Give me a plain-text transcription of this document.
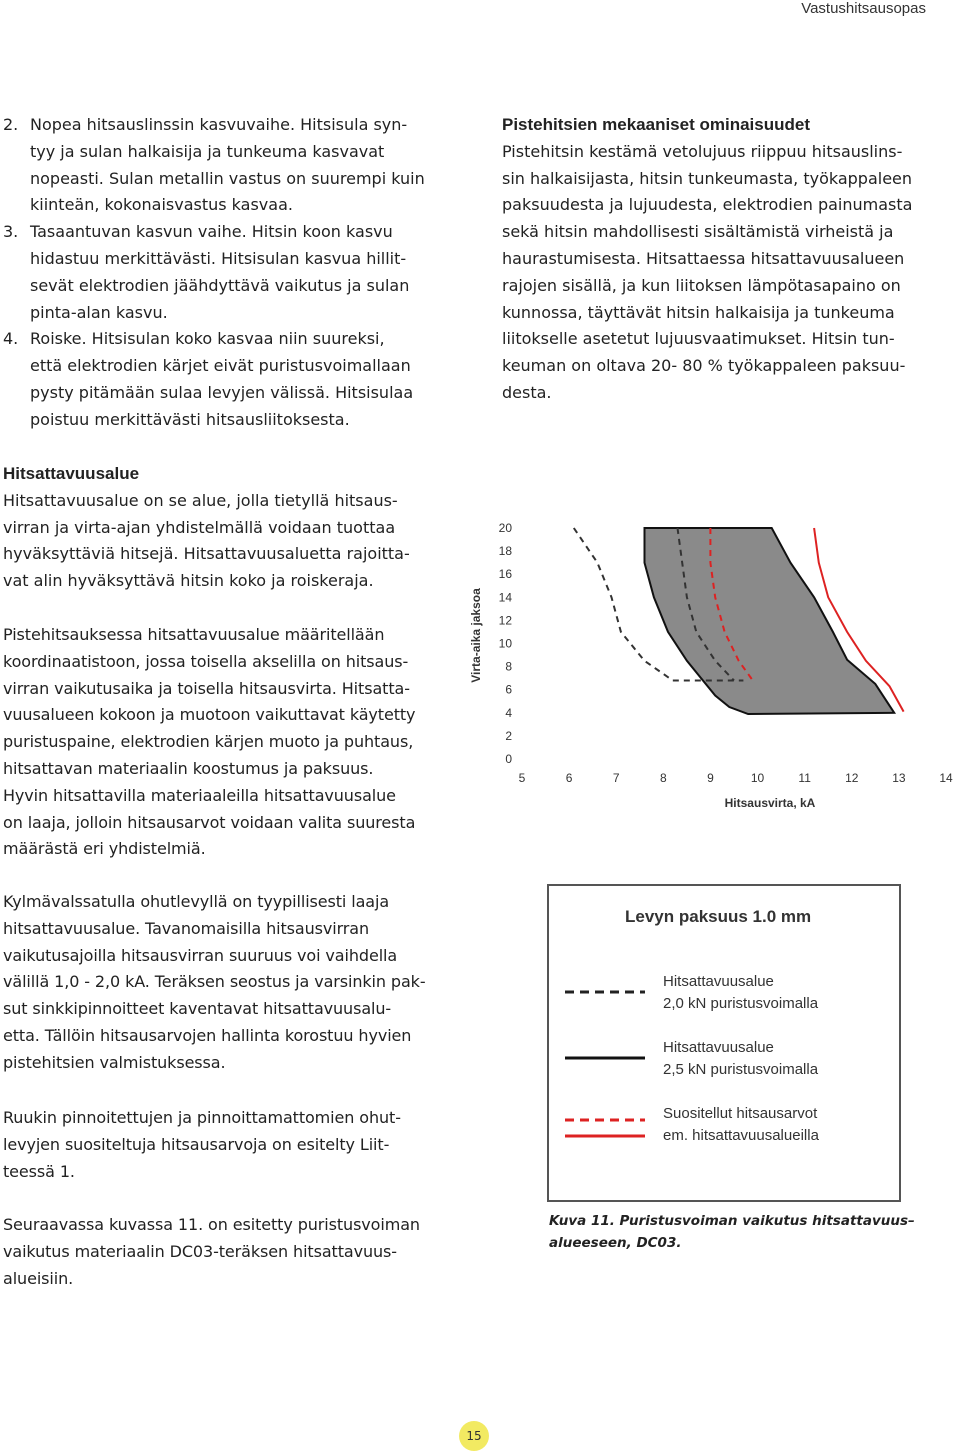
Vastushitsausopas
2. Nopea hitsauslinssin kasvuvaihe. Hitsisula syn-
tyy ja sulan halkaisija ja tunkeuma kasvavat
nopeasti. Sulan metallin vastus on suurempi kuin
kiinteän, kokonaisvastus kasvaa.
3. Tasaantuvan kasvun vaihe. Hitsin koon kasvu
hidastuu merkittävästi. Hitsisulan kasvua hillit-
sevät elektrodien jäähdyttävä vaikutus ja sulan
pinta-alan kasvu.
4. Roiske. Hitsisulan koko kasvaa niin suureksi,
että elektrodien kärjet eivät puristusvoimallaan
pysty pitämään sulaa levyjen välissä. Hitsisulaa
poistuu merkittävästi hitsausliitoksesta.
Pistehitsien mekaaniset ominaisuudet
Pistehitsin kestämä vetolujuus riippuu hitsauslins-
sin halkaisijasta, hitsin tunkeumasta, työkappaleen
paksuudesta ja lujuudesta, elektrodien painumasta
sekä hitsin mahdollisesti sisältämistä virheistä ja
haurastumisesta. Hitsattaessa hitsattavuusalueen
rajojen sisällä, ja kun liitoksen lämpötasapaino on
kunnossa, täyttävät hitsin halkaisija ja tunkeuma
liitokselle asetetut lujuusvaatimukset. Hitsin tun-
keuman on oltava 20- 80 % työkappaleen paksuu-
desta.
Hitsattavuusalue
Hitsattavuusalue on se alue, jolla tietyllä hitsaus-
virran ja virta-ajan yhdistelmällä voidaan tuottaa
hyväksyttäviä hitsejä. Hitsattavuusaluetta rajoitta-
vat alin hyväksyttävä hitsin koko ja roiskeraja.
Pistehitsauksessa hitsattavuusalue määritellään
koordinaatistoon, jossa toisella akselilla on hitsaus-
virran vaikutusaika ja toisella hitsausvirta. Hitsatta-
vuusalueen kokoon ja muotoon vaikuttavat käytetty
puristuspaine, elektrodien kärjen muoto ja puhtaus,
hitsattavan materiaalin koostumus ja paksuus.
Hyvin hitsattavilla materiaaleilla hitsattavuusalue
on laaja, jolloin hitsausarvot voidaan valita suuresta
määrästä eri yhdistelmiä.
Kylmävalssatulla ohutlevyllä on tyypillisesti laaja
hitsattavuusalue. Tavanomaisilla hitsausvirran
vaikutusajoilla hitsausvirran suuruus voi vaihdella
välillä 1,0 - 2,0 kA. Teräksen seostus ja varsinkin pak-
sut sinkkipinnoitteet kaventavat hitsattavuusalu-
etta. Tällöin hitsausarvojen hallinta korostuu hyvien
pistehitsien valmistuksessa.
Ruukin pinnoitettujen ja pinnoittamattomien ohut-
levyjen suositeltuja hitsausarvoja on esitelty Liit-
teessä 1.
Seuraavassa kuvassa 11. on esitetty puristusvoiman
vaikutus materiaalin DC03-teräksen hitsattavuus-
alueisiin.
0
2
4
6
8
10
12
14
16
18
20
5	6	7	8	9	10	11	12	13	14
Virta-aika jaksoa
Hitsausvirta, kA
Levyn paksuus 1.0 mm
Hitsattavuusalue
2,0 kN puristusvoimalla
Hitsattavuusalue
2,5 kN puristusvoimalla
Suositellut hitsausarvot
em. hitsattavuusalueilla
Kuva 11. Puristusvoiman vaikutus hitsattavuus–
alueeseen, DC03.
15
